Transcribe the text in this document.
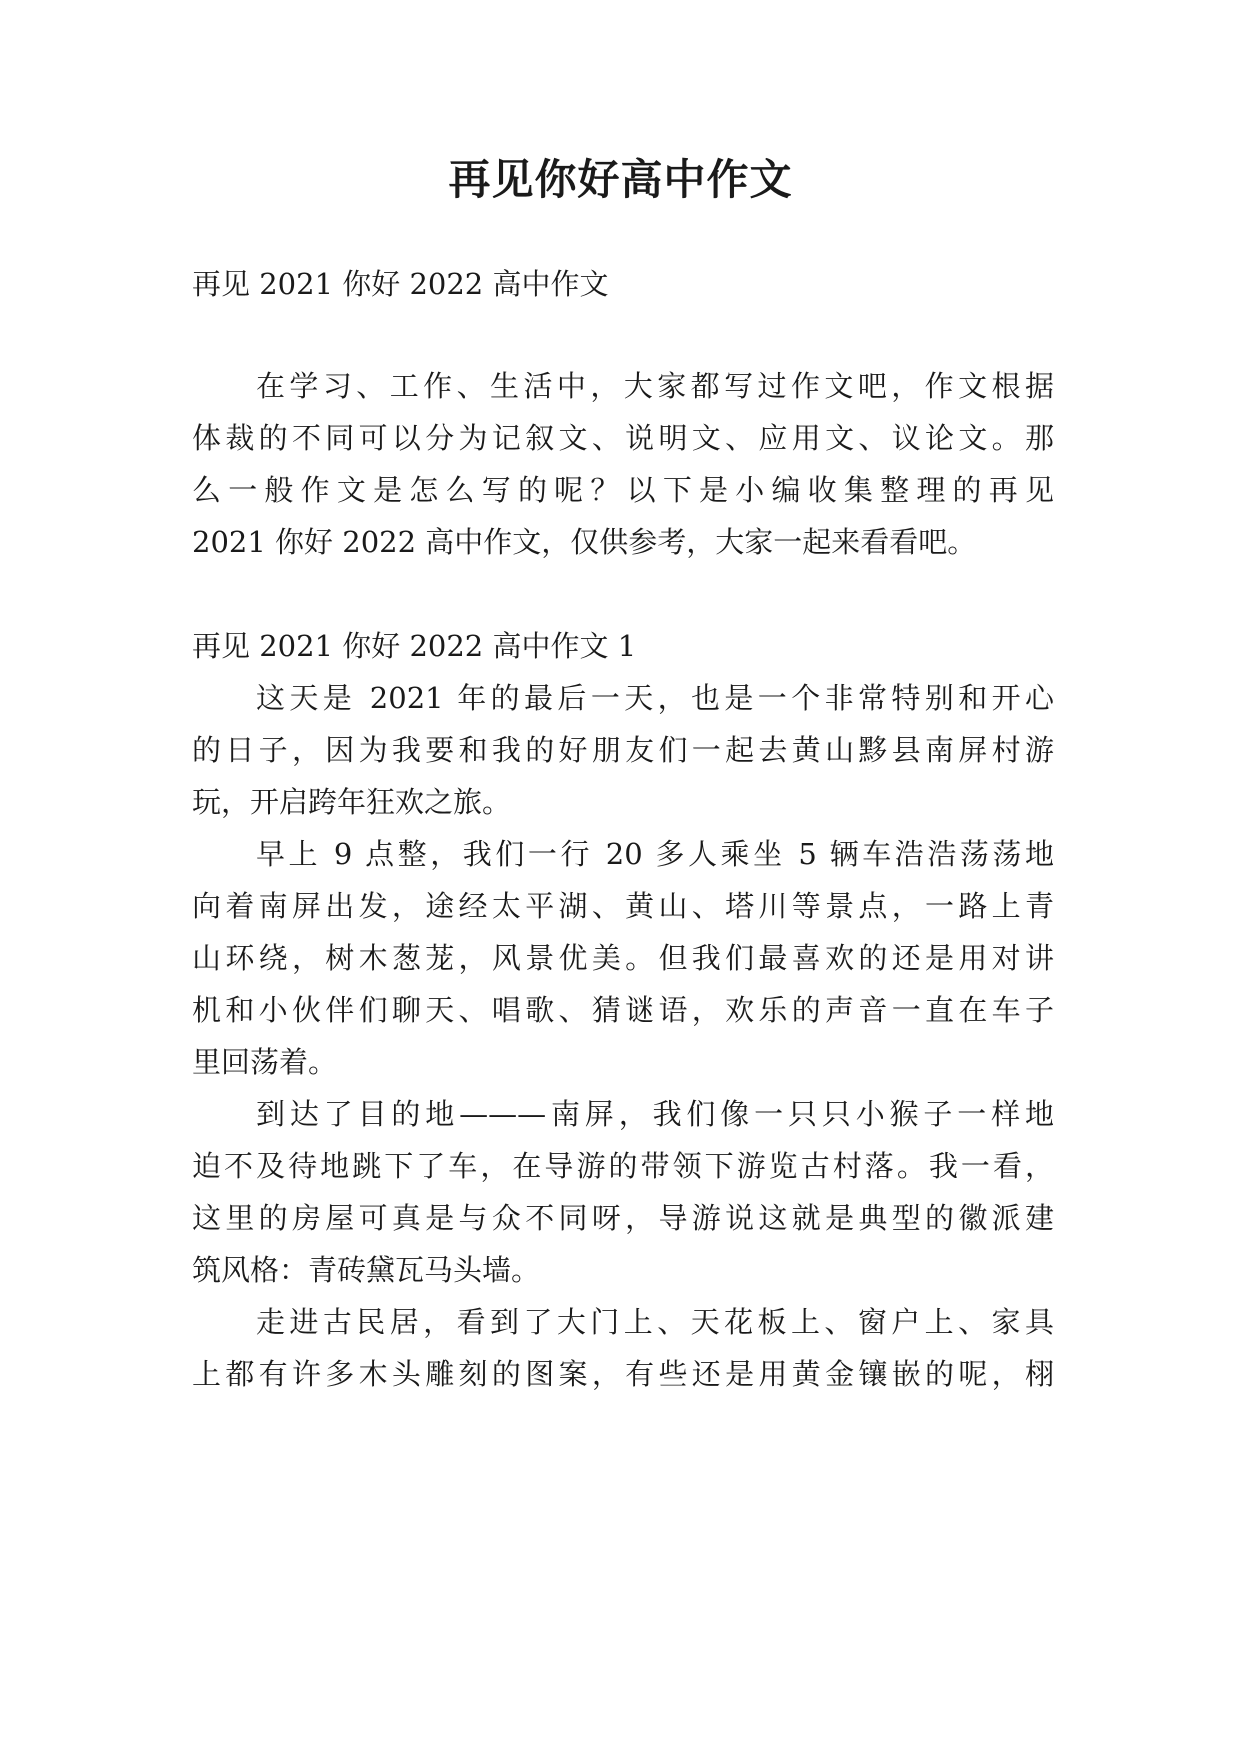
再见你好高中作文

再见 2021 你好 2022 高中作文

在学习、工作、生活中，大家都写过作文吧，作文根据

体裁的不同可以分为记叙文、说明文、应用文、议论文。那

么一般作文是怎么写的呢？以下是小编收集整理的再见

2021 你好 2022 高中作文，仅供参考，大家一起来看看吧。

再见 2021 你好 2022 高中作文 1

这天是 2021 年的最后一天，也是一个非常特别和开心

的日子，因为我要和我的好朋友们一起去黄山黟县南屏村游

玩，开启跨年狂欢之旅。

早上 9 点整，我们一行 20 多人乘坐 5 辆车浩浩荡荡地

向着南屏出发，途经太平湖、黄山、塔川等景点，一路上青

山环绕，树木葱茏，风景优美。但我们最喜欢的还是用对讲

机和小伙伴们聊天、唱歌、猜谜语，欢乐的声音一直在车子

里回荡着。

到达了目的地———南屏，我们像一只只小猴子一样地

迫不及待地跳下了车，在导游的带领下游览古村落。我一看，

这里的房屋可真是与众不同呀，导游说这就是典型的徽派建

筑风格：青砖黛瓦马头墙。

走进古民居，看到了大门上、天花板上、窗户上、家具

上都有许多木头雕刻的图案，有些还是用黄金镶嵌的呢，栩
